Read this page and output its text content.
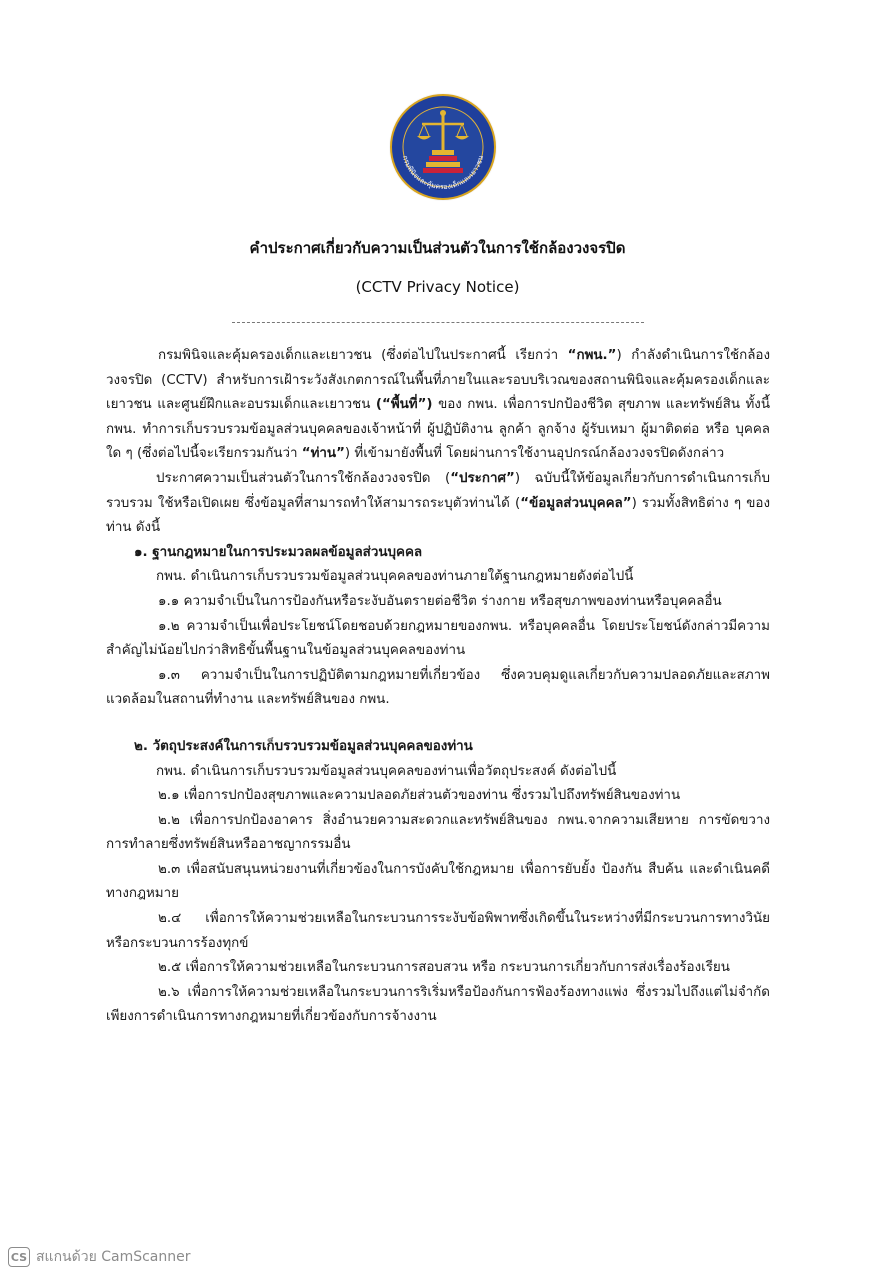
กรมพินิจและคุ้มครองเด็กและเยาวชน
คำประกาศเกี่ยวกับความเป็นส่วนตัวในการใช้กล้องวงจรปิด
(CCTV Privacy Notice)

กรมพินิจและคุ้มครองเด็กและเยาวชน (ซึ่งต่อไปในประกาศนี้ เรียกว่า “กพน.”) กำลังดำเนินการใช้กล้องวงจรปิด (CCTV) สำหรับการเฝ้าระวังสังเกตการณ์ในพื้นที่ภายในและรอบบริเวณของสถานพินิจและคุ้มครองเด็กและเยาวชน และศูนย์ฝึกและอบรมเด็กและเยาวชน (“พื้นที่”) ของ กพน. เพื่อการปกป้องชีวิต สุขภาพ และทรัพย์สิน ทั้งนี้ กพน. ทำการเก็บรวบรวมข้อมูลส่วนบุคคลของเจ้าหน้าที่ ผู้ปฏิบัติงาน ลูกค้า ลูกจ้าง ผู้รับเหมา ผู้มาติดต่อ หรือ บุคคลใด ๆ (ซึ่งต่อไปนี้จะเรียกรวมกันว่า “ท่าน”) ที่เข้ามายังพื้นที่ โดยผ่านการใช้งานอุปกรณ์กล้องวงจรปิดดังกล่าว

ประกาศความเป็นส่วนตัวในการใช้กล้องวงจรปิด (“ประกาศ”) ฉบับนี้ให้ข้อมูลเกี่ยวกับการดำเนินการเก็บรวบรวม ใช้หรือเปิดเผย ซึ่งข้อมูลที่สามารถทำให้สามารถระบุตัวท่านได้ (“ข้อมูลส่วนบุคคล”) รวมทั้งสิทธิต่าง ๆ ของท่าน ดังนี้

๑. ฐานกฎหมายในการประมวลผลข้อมูลส่วนบุคคล

กพน. ดำเนินการเก็บรวบรวมข้อมูลส่วนบุคคลของท่านภายใต้ฐานกฎหมายดังต่อไปนี้

๑.๑ ความจำเป็นในการป้องกันหรือระงับอันตรายต่อชีวิต ร่างกาย หรือสุขภาพของท่านหรือบุคคลอื่น

๑.๒ ความจำเป็นเพื่อประโยชน์โดยชอบด้วยกฎหมายของกพน. หรือบุคคลอื่น โดยประโยชน์ดังกล่าวมีความสำคัญไม่น้อยไปกว่าสิทธิขั้นพื้นฐานในข้อมูลส่วนบุคคลของท่าน

๑.๓ ความจำเป็นในการปฏิบัติตามกฎหมายที่เกี่ยวข้อง ซึ่งควบคุมดูแลเกี่ยวกับความปลอดภัยและสภาพแวดล้อมในสถานที่ทำงาน และทรัพย์สินของ กพน.

๒. วัตถุประสงค์ในการเก็บรวบรวมข้อมูลส่วนบุคคลของท่าน

กพน. ดำเนินการเก็บรวบรวมข้อมูลส่วนบุคคลของท่านเพื่อวัตถุประสงค์ ดังต่อไปนี้

๒.๑ เพื่อการปกป้องสุขภาพและความปลอดภัยส่วนตัวของท่าน ซึ่งรวมไปถึงทรัพย์สินของท่าน

๒.๒ เพื่อการปกป้องอาคาร สิ่งอำนวยความสะดวกและทรัพย์สินของ กพน.จากความเสียหาย การขัดขวาง การทำลายซึ่งทรัพย์สินหรืออาชญากรรมอื่น

๒.๓ เพื่อสนับสนุนหน่วยงานที่เกี่ยวข้องในการบังคับใช้กฎหมาย เพื่อการยับยั้ง ป้องกัน สืบค้น และดำเนินคดีทางกฎหมาย

๒.๔ เพื่อการให้ความช่วยเหลือในกระบวนการระงับข้อพิพาทซึ่งเกิดขึ้นในระหว่างที่มีกระบวนการทางวินัยหรือกระบวนการร้องทุกข์

๒.๕ เพื่อการให้ความช่วยเหลือในกระบวนการสอบสวน หรือ กระบวนการเกี่ยวกับการส่งเรื่องร้องเรียน

๒.๖ เพื่อการให้ความช่วยเหลือในกระบวนการริเริ่มหรือป้องกันการฟ้องร้องทางแพ่ง ซึ่งรวมไปถึงแต่ไม่จำกัดเพียงการดำเนินการทางกฎหมายที่เกี่ยวข้องกับการจ้างงาน

CS สแกนด้วย CamScanner
